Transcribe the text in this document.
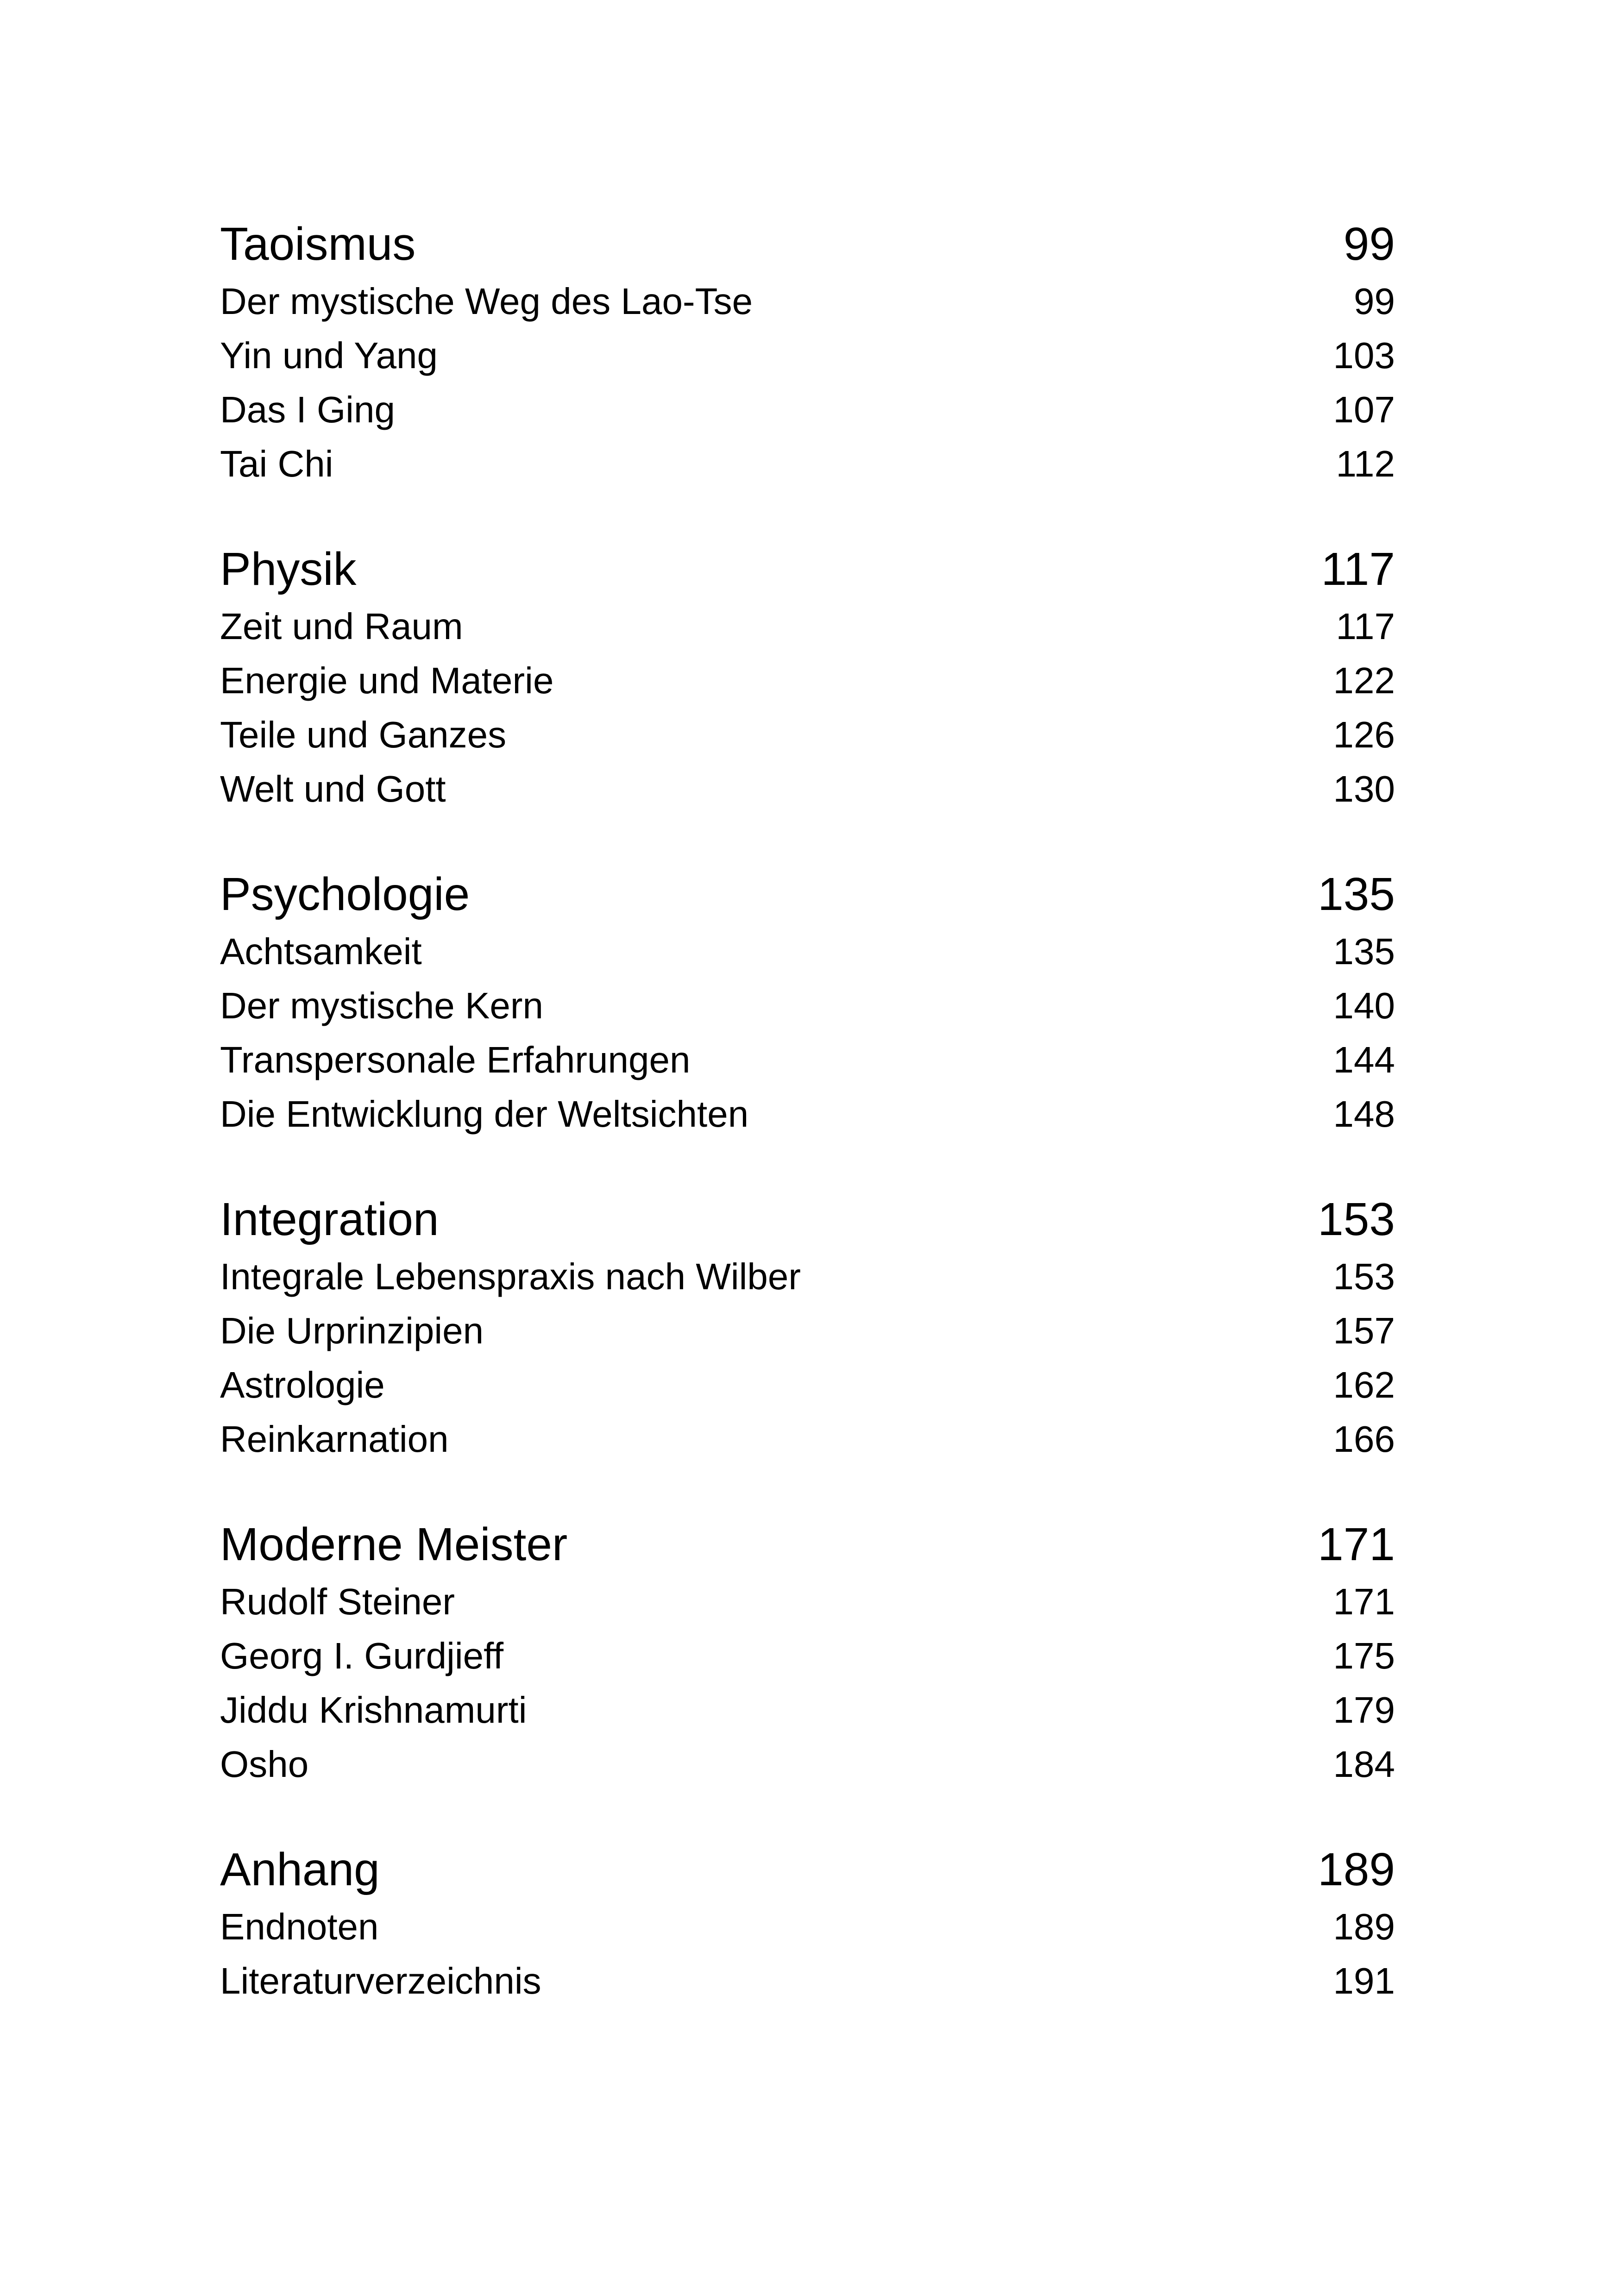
Taoismus	99
Der mystische Weg des Lao-Tse	99
Yin und Yang	103
Das I Ging	107
Tai Chi	112
Physik	117
Zeit und Raum	117
Energie und Materie	122
Teile und Ganzes	126
Welt und Gott	130
Psychologie	135
Achtsamkeit	135
Der mystische Kern	140
Transpersonale Erfahrungen	144
Die Entwicklung der Weltsichten	148
Integration	153
Integrale Lebenspraxis nach Wilber	153
Die Urprinzipien	157
Astrologie	162
Reinkarnation	166
Moderne Meister	171
Rudolf Steiner	171
Georg I. Gurdjieff	175
Jiddu Krishnamurti	179
Osho	184
Anhang	189
Endnoten	189
Literaturverzeichnis	191
